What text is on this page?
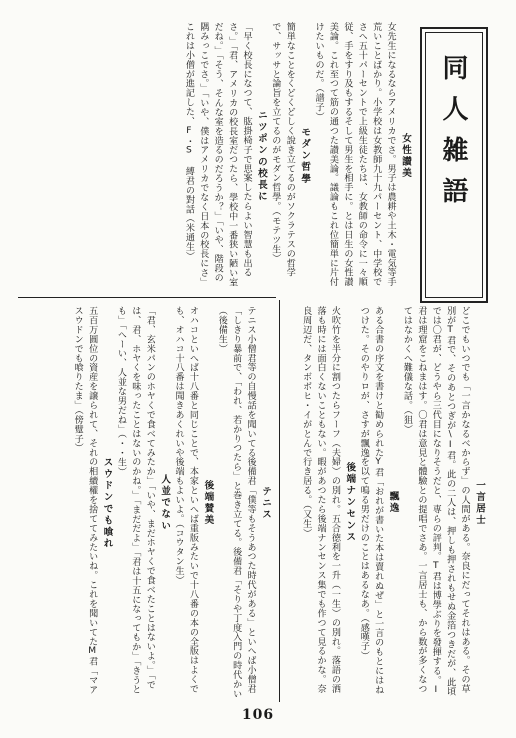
同人雑語
女性讃美
女先生になるならアメリカでさ。男子は農耕や土木・電気等手荒いことばかり。小学校は女教師九十九パーセント、中学校でさへ五十パーセントで上級生徒たちは、女教師の命令に一々順従、手をすり及もするそして男生を相手に。とは日生の女性讃美論。これ至つて筋の通つた讃美論。議論もこれ位簡単に片付けたいものだ。（譜子）
モダン哲學
簡単なことをくどくどしく說き立てるのがソクラテスの哲学で、サッサと論旨を立てるのがモダン哲學。（モテツ生）
ニツポンの校長に
「早く校長になつて、肱掛椅子で思案したらよい智慧も出るさ。」「君、アメリカの校長室だつたら、學校中一番狭い陋い室だね。」「そう、そんな室を造るのだろうか？」「いや、階段の隅みっこでさ。」「いや、僕はアメリカでなく日本の校長にさ」これは小僧が進記した、F・S 縛君の對話（米通生）
テニス
テニス小僧君等の自慢話を聞いてる後備君「僕等もそうあつた時代がある」といへば小僧君「しきり暴前で、「われ、若かりつたら」と巻き立てる。後備君「そりや丁度入門の時代かい（後備生）
後端賛美
オハコといへば十八番と同じことで、本家といへば重版みたいで十八番の本の全版はよくでも、オハコ十八番は聞きあくれいや後端もよいよ。（コウタン生）
人並でない
「君、玄米パンのホヤくで食べてみたか」「いや、まだホヤくで食べたことはないよ。」「では、君、ホヤくを味ったことはないのかね。」「まだだよ」「君は十五になってもか」「きうとも」「へーい、人並な男だね」（・・生）
スウドンでも喰れ
五百万圓位の資産を譲られて、それの相續權を捨ててみたいね。これを聞いてたM君「マアスウドンでも喰りたま」（傍躄子）
一言居士
どこでもいつでも「一言かなるべからず」の人間がある。奈良にだってそれはある。その草別がT君で、そのあとつぎが\I君。此の二人は、押しも押されもせぬ金箔つきだが、此頃では〇君が、どうやら三代目になりそうだと、専らの評判。T君は博學ぶりを發揮する。I君は理窟をこねまはす。〇君は意見と體驗との提唱でさあ。一言居士も、から数が多くなつてはなかくへ難儀な話。（狙）
飄逸
ある合書の序文を書けと勧められたY君「おれが書いた本は賣れぬぜ」と一言のもとにはねつけた。そのやりロが、さすが飄逸を以て鳴る男だけのことはあるなあ。（感嘆子）
後端ナンセンス
火吹竹を半分に割つたらフーフ（夫婦）の別れ。五合徳利を一升（一生）の別れ。落語の洒落も時には面白くないこともない。暇があつたら後端ナンセンス集でも作つて見るかな。奈良周辺だ、タンボボヒ・イがとんで行き居る。（又生）
106
